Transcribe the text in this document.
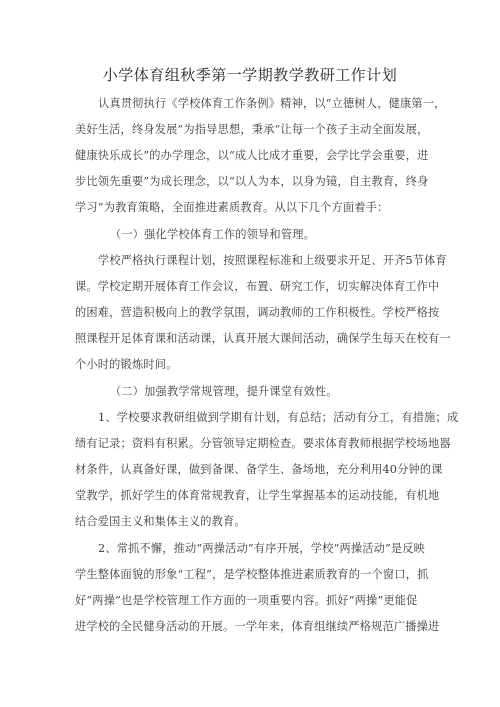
小学体育组秋季第一学期教学教研工作计划
认真贯彻执行《学校体育工作条例》精神，以“立德树人，健康第一，
美好生活，终身发展”为指导思想，秉承“让每一个孩子主动全面发展，
健康快乐成长”的办学理念，以“成人比成才重要，会学比学会重要，进
步比领先重要”为成长理念，以“以人为本，以身为镜，自主教育，终身
学习”为教育策略，全面推进素质教育。从以下几个方面着手：
（一）强化学校体育工作的领导和管理。
学校严格执行课程计划，按照课程标准和上级要求开足、开齐5节体育
课。学校定期开展体育工作会议，布置、研究工作，切实解决体育工作中
的困难，营造积极向上的教学氛围，调动教师的工作积极性。学校严格按
照课程开足体育课和活动课，认真开展大课间活动，确保学生每天在校有一
个小时的锻炼时间。
（二）加强教学常规管理，提升课堂有效性。
1、学校要求教研组做到学期有计划，有总结；活动有分工，有措施；成
绩有记录；资料有积累。分管领导定期检查。要求体育教师根据学校场地器
材条件，认真备好课，做到备课、备学生、备场地，充分利用40分钟的课
堂教学，抓好学生的体育常规教育，让学生掌握基本的运动技能，有机地
结合爱国主义和集体主义的教育。
2、常抓不懈，推动“两操活动”有序开展，学校“两操活动”是反映
学生整体面貌的形象“工程”，是学校整体推进素质教育的一个窗口，抓
好“两操”也是学校管理工作方面的一项重要内容。抓好“两操”更能促
进学校的全民健身活动的开展。一学年来，体育组继续严格规范广播操进
